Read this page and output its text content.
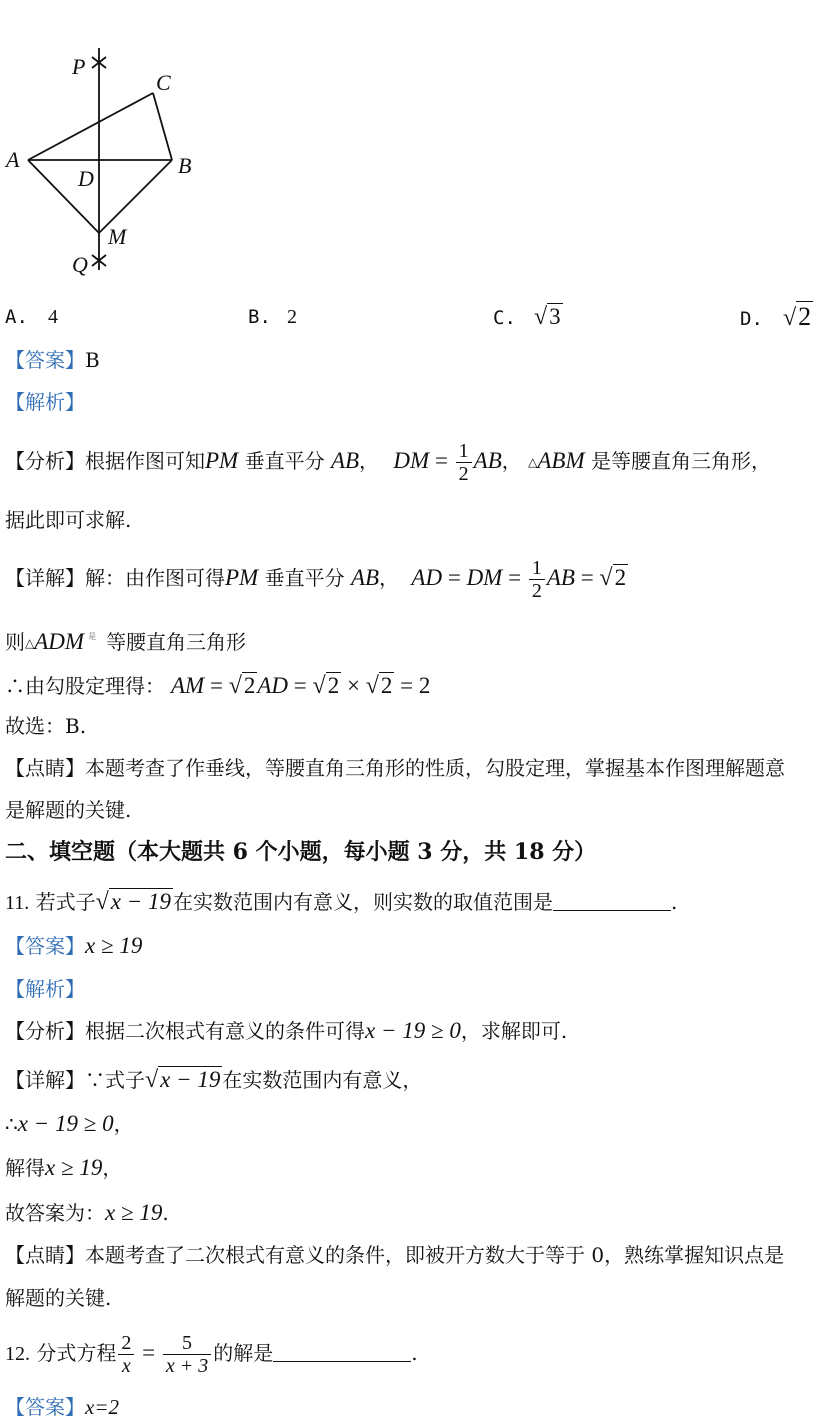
P
C
A	B
D
M
Q
A. 4	B. 2	C. √3	D. √2
【答案】B
【解析】
【分析】根据作图可知PM 垂直平分 AB， DM = $\frac{1}{2}$ AB， △ABM 是等腰直角三角形，
据此即可求解.
【详解】解：由作图可得PM 垂直平分 AB， AD = DM = $\frac{1}{2}$ AB = √2
则△ADM $^是$ 等腰直角三角形
∴由勾股定理得： AM = √2AD = √2 × √2 = 2
故选：B.
【点睛】本题考查了作垂线，等腰直角三角形的性质，勾股定理，掌握基本作图理解题意
是解题的关键.
二、填空题（本大题共 6 个小题，每小题 3 分，共 18 分）
11. 若式子√x − 19 在实数范围内有意义，则实数的取值范围是	.
【答案】x ≥ 19
【解析】
【分析】根据二次根式有意义的条件可得x − 19 ≥ 0，求解即可.
【详解】∵式子√x − 19 在实数范围内有意义，
∴x − 19 ≥ 0，
解得x ≥ 19，
故答案为：x ≥ 19.
【点睛】本题考查了二次根式有意义的条件，即被开方数大于等于 0，熟练掌握知识点是
解题的关键.
12. 分式方程 $\frac{2}{x} = \frac{5}{x + 3}$ 的解是	.
【答案】x=2
